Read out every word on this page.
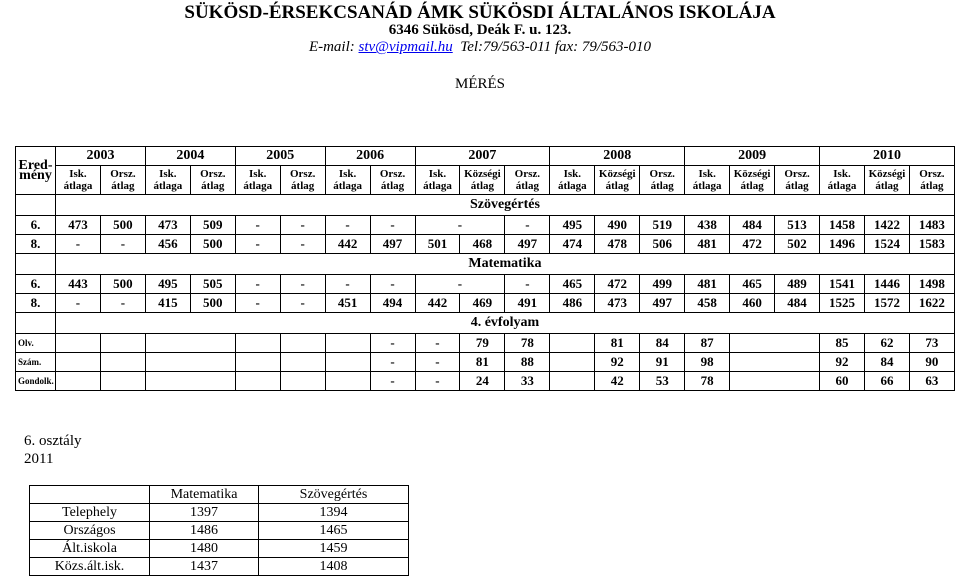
SÜKÖSD-ÉRSEKCSANÁD ÁMK SÜKÖSDI ÁLTALÁNOS ISKOLÁJA
6346 Sükösd, Deák F. u. 123.
E-mail: stv@vipmail.hu Tel:79/563-011 fax: 79/563-010
MÉRÉS
Ered-mény	2003		2004		2005		2006		2007			2008			2009			2010		
	Isk. átlaga	Orsz. átlag	Isk. átlaga	Orsz. átlag	Isk. átlaga	Orsz. átlag	Isk. átlaga	Orsz. átlag	Isk. átlaga	Községi átlag	Orsz. átlag	Isk. átlaga	Községi átlag	Orsz. átlag	Isk. átlaga	Községi átlag	Orsz. átlag	Isk. átlaga	Községi átlag	Orsz. átlag
	Szövegértés																			
6.	473	500	473	509	-	-	-	-	-		-	495	490	519	438	484	513	1458	1422	1483
8.	-	-	456	500	-	-	442	497	501	468	497	474	478	506	481	472	502	1496	1524	1583
	Matematika																			
6.	443	500	495	505	-	-	-	-	-		-	465	472	499	481	465	489	1541	1446	1498
8.	-	-	415	500	-	-	451	494	442	469	491	486	473	497	458	460	484	1525	1572	1622
	4. évfolyam																			
Olv.								-	-	79	78		81	84	87			85	62	73
Szám.								-	-	81	88		92	91	98			92	84	90
Gondolk.								-	-	24	33		42	53	78			60	66	63
6. osztály
2011
	Matematika	Szövegértés
Telephely	1397	1394
Országos	1486	1465
Ált.iskola	1480	1459
Közs.ált.isk.	1437	1408
